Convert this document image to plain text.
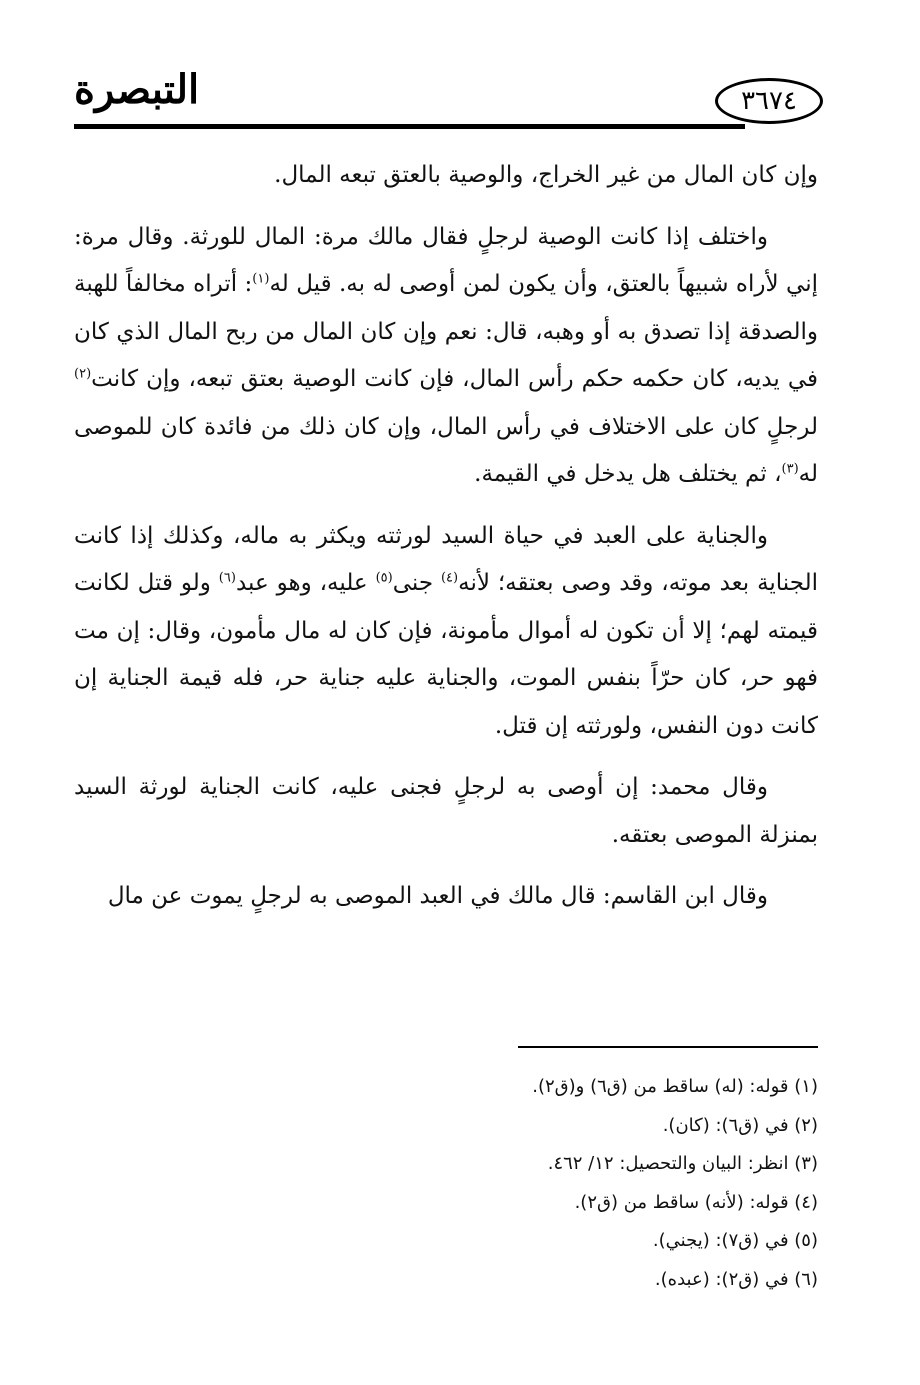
التبصرة	٣٦٧٤

وإن كان المال من غير الخراج، والوصية بالعتق تبعه المال.

واختلف إذا كانت الوصية لرجلٍ فقال مالك مرة: المال للورثة. وقال مرة: إني لأراه شبيهاً بالعتق، وأن يكون لمن أوصى له به. قيل له$^{(١)}$: أتراه مخالفاً للهبة والصدقة إذا تصدق به أو وهبه، قال: نعم وإن كان المال من ربح المال الذي كان في يديه، كان حكمه حكم رأس المال، فإن كانت الوصية بعتق تبعه، وإن كانت$^{(٢)}$ لرجلٍ كان على الاختلاف في رأس المال، وإن كان ذلك من فائدة كان للموصى له$^{(٣)}$، ثم يختلف هل يدخل في القيمة.

والجناية على العبد في حياة السيد لورثته ويكثر به ماله، وكذلك إذا كانت الجناية بعد موته، وقد وصى بعتقه؛ لأنه$^{(٤)}$ جنى$^{(٥)}$ عليه، وهو عبد$^{(٦)}$ ولو قتل لكانت قيمته لهم؛ إلا أن تكون له أموال مأمونة، فإن كان له مال مأمون، وقال: إن مت فهو حر، كان حرّاً بنفس الموت، والجناية عليه جناية حر، فله قيمة الجناية إن كانت دون النفس، ولورثته إن قتل.

وقال محمد: إن أوصى به لرجلٍ فجنى عليه، كانت الجناية لورثة السيد بمنزلة الموصى بعتقه.

وقال ابن القاسم: قال مالك في العبد الموصى به لرجلٍ يموت عن مال

(١) قوله: (له) ساقط من (ق٦) و(ق٢).

(٢) في (ق٦): (كان).

(٣) انظر: البيان والتحصيل: ١٢/ ٤٦٢.

(٤) قوله: (لأنه) ساقط من (ق٢).

(٥) في (ق٧): (يجني).

(٦) في (ق٢): (عبده).
